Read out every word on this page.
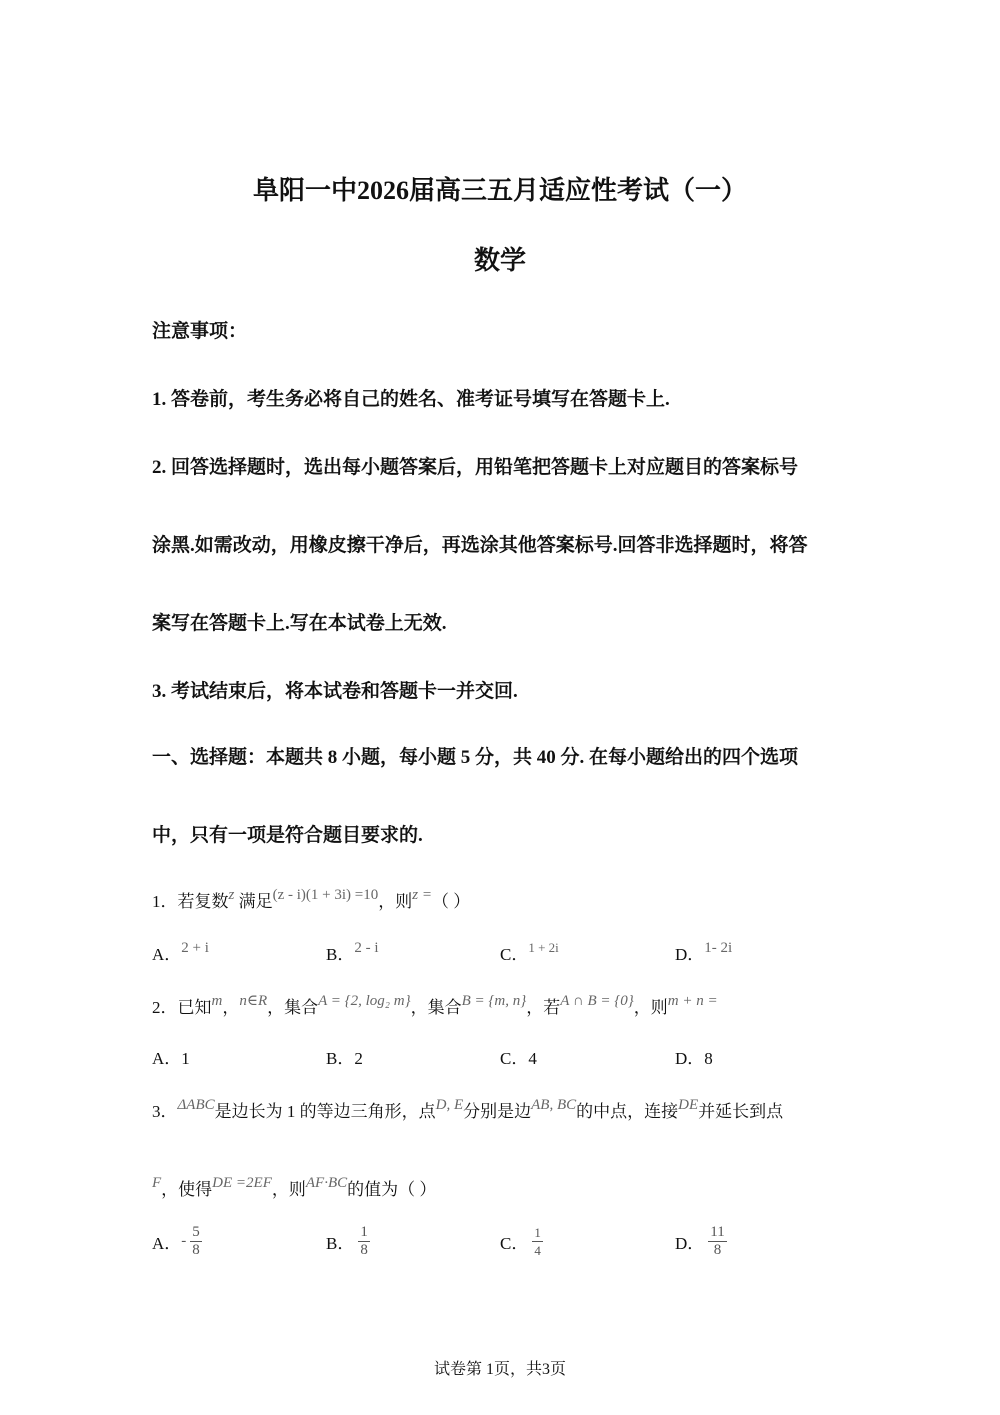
阜阳一中2026届高三五月适应性考试（一）
数学
注意事项：
1. 答卷前，考生务必将自己的姓名、准考证号填写在答题卡上.
2. 回答选择题时，选出每小题答案后，用铅笔把答题卡上对应题目的答案标号
涂黑.如需改动，用橡皮擦干净后，再选涂其他答案标号.回答非选择题时，将答
案写在答题卡上.写在本试卷上无效.
3. 考试结束后，将本试卷和答题卡一并交回.
一、选择题：本题共 8 小题，每小题 5 分，共 40 分. 在每小题给出的四个选项
中，只有一项是符合题目要求的.
1．若复数z 满足(z - i)(1 + 3i) =10，则z =（ ）
A．2 + i	B．2 - i	C．$^{1 + 2i}$	D．1- 2i
2．已知m，n∈R，集合A = {2, log₂ m}，集合B = {m, n}，若A ∩ B = {0}，则m + n =
A．1	B．2	C．4	D．8
3．ΔABC是边长为 1 的等边三角形，点D, E分别是边AB, BC的中点，连接DE并延长到点
F，使得DE =2EF，则AF·BC的值为（ ）
A．- $\frac{5}{8}$	B． $\frac{1}{8}$	C． $\frac{1}{4}$	D． $\frac{11}{8}$
试卷第 1页，共3页
